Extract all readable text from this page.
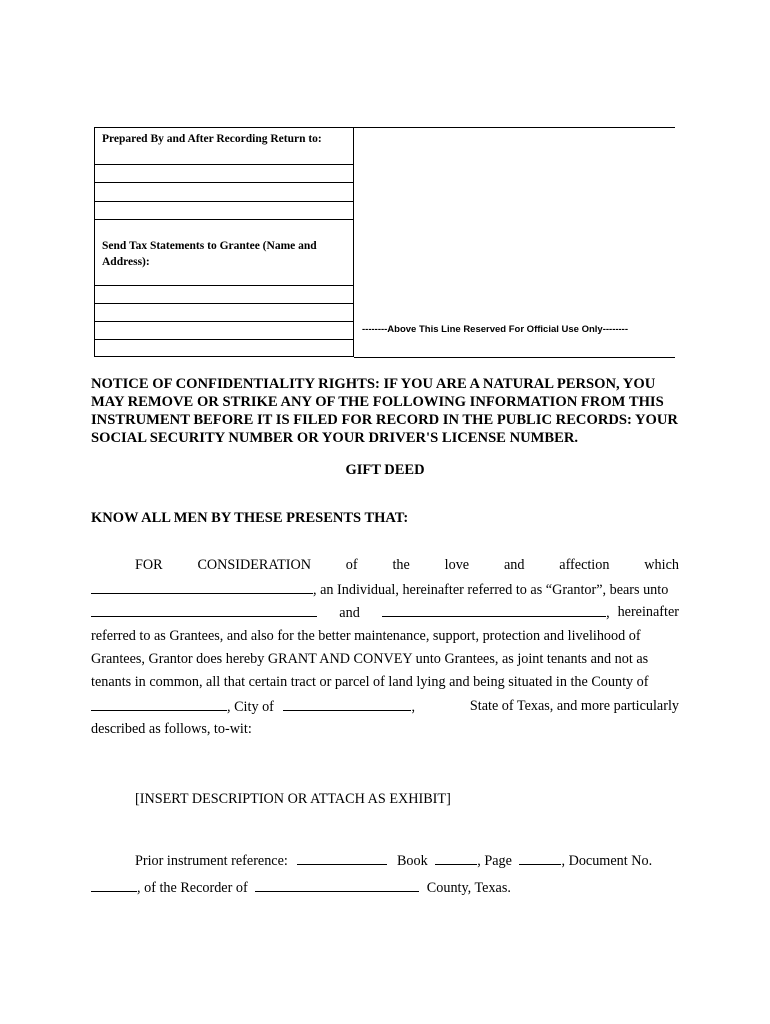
Prepared By and After Recording Return to:
Send Tax Statements to Grantee (Name and Address):
--------Above This Line Reserved For Official Use Only--------

NOTICE OF CONFIDENTIALITY RIGHTS: IF YOU ARE A NATURAL PERSON, YOU MAY REMOVE OR STRIKE ANY OF THE FOLLOWING INFORMATION FROM THIS INSTRUMENT BEFORE IT IS FILED FOR RECORD IN THE PUBLIC RECORDS: YOUR SOCIAL SECURITY NUMBER OR YOUR DRIVER'S LICENSE NUMBER.

GIFT DEED

KNOW ALL MEN BY THESE PRESENTS THAT:

FOR CONSIDERATION of the love and affection which
, an Individual, hereinafter referred to as “Grantor”, bears unto
and	, hereinafter
referred to as Grantees, and also for the better maintenance, support, protection and livelihood of
Grantees, Grantor does hereby GRANT AND CONVEY unto Grantees, as joint tenants and not as
tenants in common, all that certain tract or parcel of land lying and being situated in the County of
, City of	,	State of Texas, and more particularly
described as follows, to-wit:
[INSERT DESCRIPTION OR ATTACH AS EXHIBIT]
Prior instrument reference:	Book	, Page	, Document No.
, of the Recorder of	County, Texas.
